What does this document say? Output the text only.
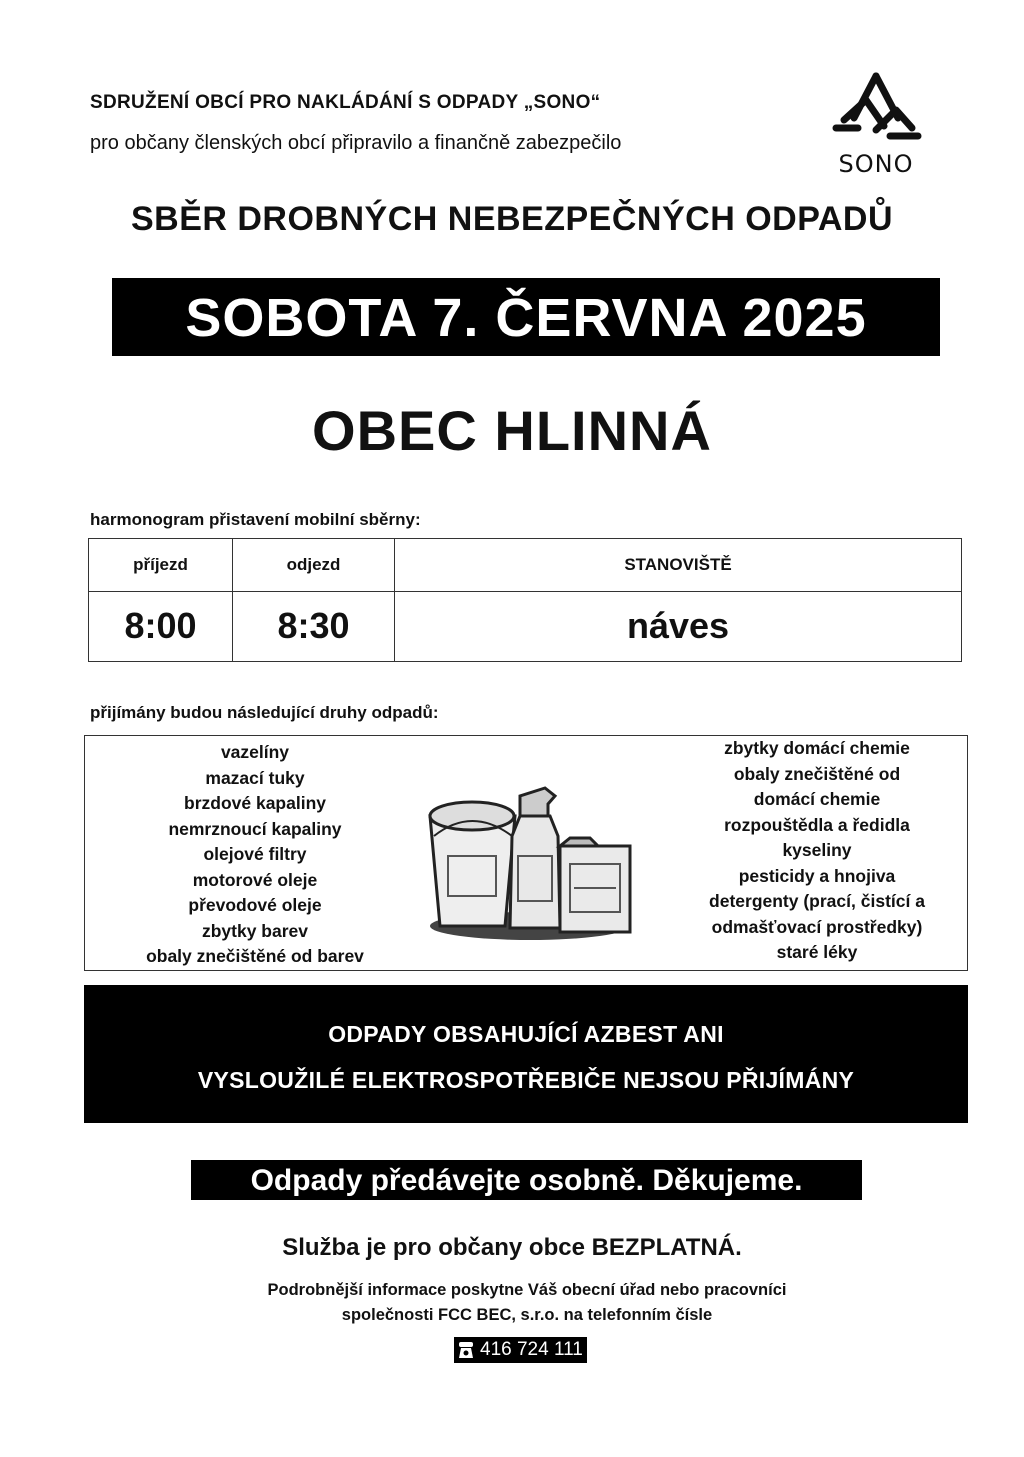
SDRUŽENÍ OBCÍ PRO NAKLÁDÁNÍ S ODPADY „SONO“
pro občany členských obcí připravilo a finančně zabezpečilo
SONO
SBĚR DROBNÝCH NEBEZPEČNÝCH ODPADŮ
SOBOTA 7. ČERVNA 2025
OBEC HLINNÁ
harmonogram přistavení mobilní sběrny:
příjezd	odjezd	STANOVIŠTĚ
8:00	8:30	náves
přijímány budou následující druhy odpadů:
vazelíny
mazací tuky
brzdové kapaliny
nemrznoucí kapaliny
olejové filtry
motorové oleje
převodové oleje
zbytky barev
obaly znečištěné od barev
zbytky domácí chemie
obaly znečištěné od
domácí chemie
rozpouštědla a ředidla
kyseliny
pesticidy a hnojiva
detergenty (prací, čistící a
odmašťovací prostředky)
staré léky
ODPADY OBSAHUJÍCÍ AZBEST ANI
VYSLOUŽILÉ ELEKTROSPOTŘEBIČE NEJSOU PŘIJÍMÁNY
Odpady předávejte osobně. Děkujeme.
Služba je pro občany obce BEZPLATNÁ.
Podrobnější informace poskytne Váš obecní úřad nebo pracovníci
společnosti FCC BEC, s.r.o. na telefonním čísle
416 724 111
